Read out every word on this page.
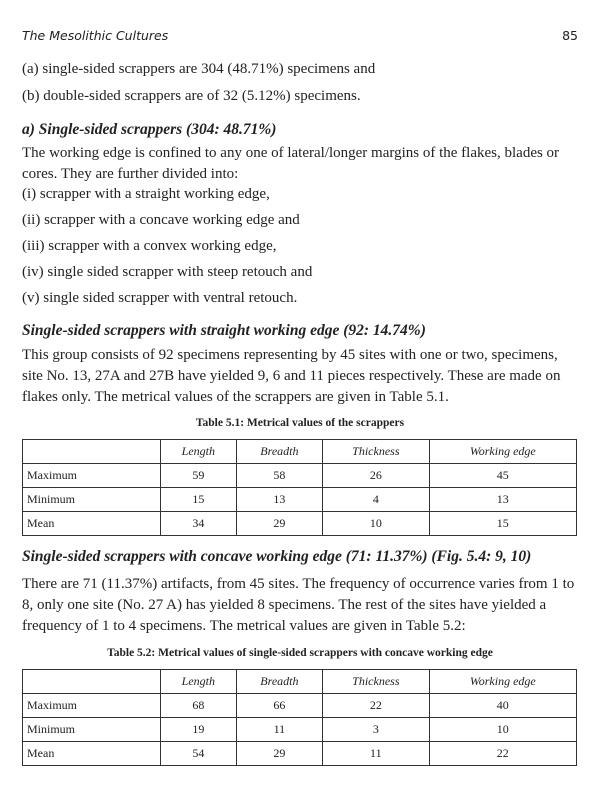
The Mesolithic Cultures	85
(a) single-sided scrappers are 304 (48.71%) specimens and
(b) double-sided scrappers are of 32 (5.12%) specimens.
a) Single-sided scrappers (304: 48.71%)
The working edge is confined to any one of lateral/longer margins of the flakes, blades or cores. They are further divided into:
(i) scrapper with a straight working edge,
(ii) scrapper with a concave working edge and
(iii) scrapper with a convex working edge,
(iv) single sided scrapper with steep retouch and
(v) single sided scrapper with ventral retouch.
Single-sided scrappers with straight working edge (92: 14.74%)
This group consists of 92 specimens representing by 45 sites with one or two, specimens, site No. 13, 27A and 27B have yielded 9, 6 and 11 pieces respectively. These are made on flakes only. The metrical values of the scrappers are given in Table 5.1.
Table 5.1: Metrical values of the scrappers
	Length	Breadth	Thickness	Working edge
Maximum	59	58	26	45
Minimum	15	13	4	13
Mean	34	29	10	15
Single-sided scrappers with concave working edge (71: 11.37%) (Fig. 5.4: 9, 10)
There are 71 (11.37%) artifacts, from 45 sites. The frequency of occurrence varies from 1 to 8, only one site (No. 27 A) has yielded 8 specimens. The rest of the sites have yielded a frequency of 1 to 4 specimens. The metrical values are given in Table 5.2:
Table 5.2: Metrical values of single-sided scrappers with concave working edge
	Length	Breadth	Thickness	Working edge
Maximum	68	66	22	40
Minimum	19	11	3	10
Mean	54	29	11	22
